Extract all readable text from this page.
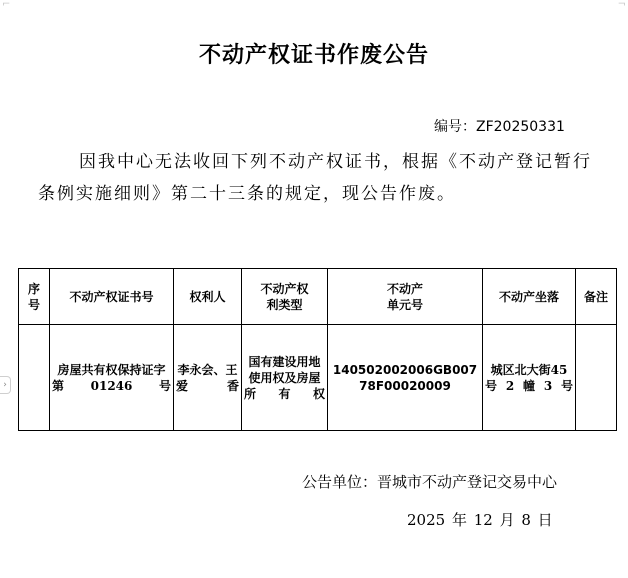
⌐	¬
›
不动产权证书作废公告
编号：ZF20250331
因我中心无法收回下列不动产权证书，根据《不动产登记暂行条例实施细则》第二十三条的规定，现公告作废。
序号	不动产权证书号	权利人	不动产权利类型	不动产单元号	不动产坐落	备注
	房屋共有权保持证字第01246号	李永会、王爱香	国有建设用地使用权及房屋所有权	140502002006GB00778F00020009	城区北大街45号2幢3号	
公告单位：晋城市不动产登记交易中心
2025 年 12 月 8 日
